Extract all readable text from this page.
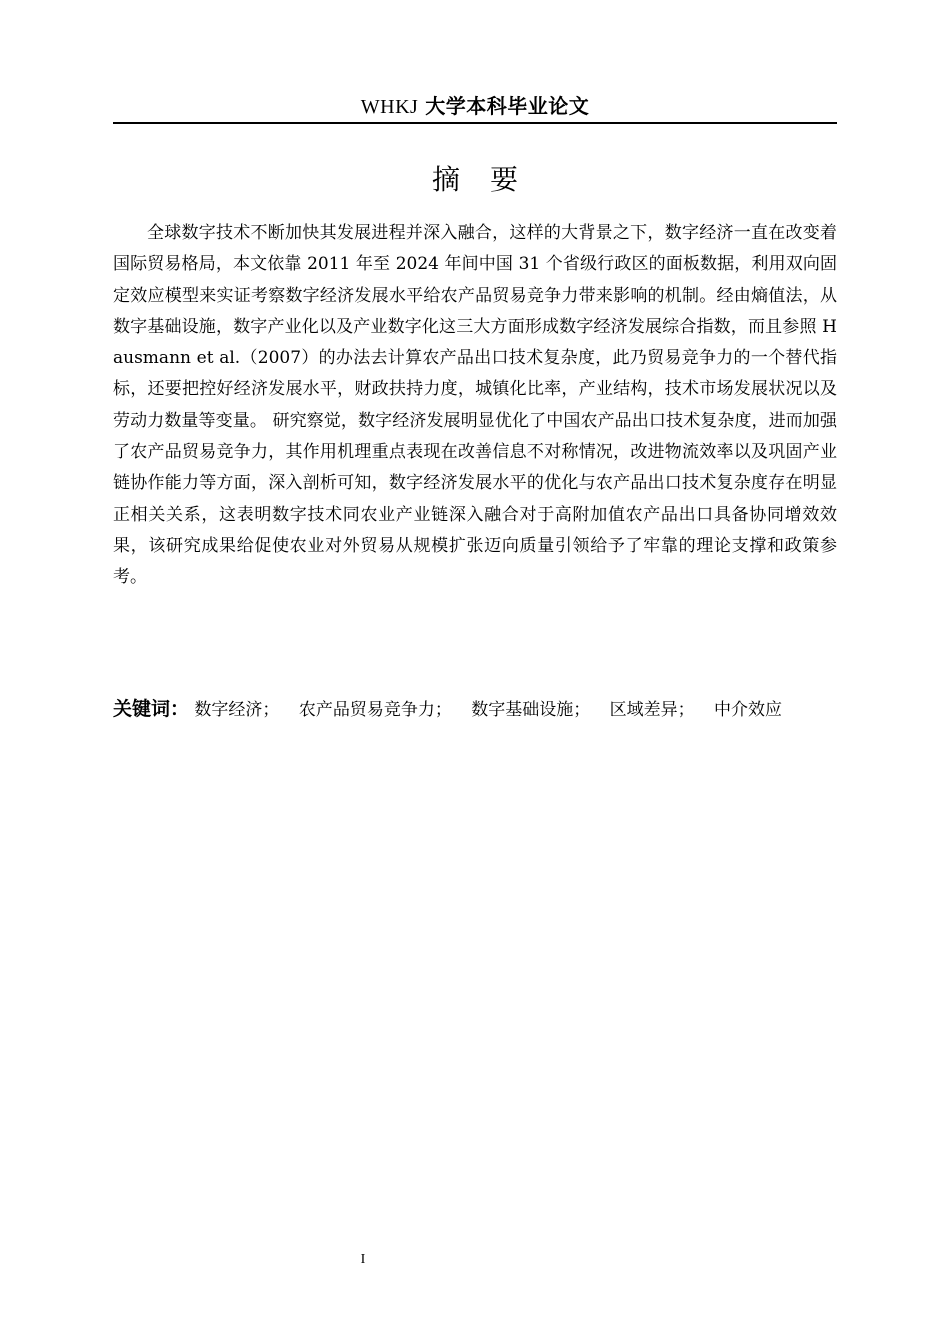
WHKJ 大学本科毕业论文
摘要

全球数字技术不断加快其发展进程并深入融合，这样的大背景之下，数字经济一直在改变着国际贸易格局，本文依靠 2011 年至 2024 年间中国 31 个省级行政区的面板数据，利用双向固定效应模型来实证考察数字经济发展水平给农产品贸易竞争力带来影响的机制。经由熵值法，从数字基础设施，数字产业化以及产业数字化这三大方面形成数字经济发展综合指数，而且参照 Hausmann et al.（2007）的办法去计算农产品出口技术复杂度，此乃贸易竞争力的一个替代指标，还要把控好经济发展水平，财政扶持力度，城镇化比率，产业结构，技术市场发展状况以及劳动力数量等变量。 研究察觉，数字经济发展明显优化了中国农产品出口技术复杂度，进而加强了农产品贸易竞争力，其作用机理重点表现在改善信息不对称情况，改进物流效率以及巩固产业链协作能力等方面，深入剖析可知，数字经济发展水平的优化与农产品出口技术复杂度存在明显正相关关系，这表明数字技术同农业产业链深入融合对于高附加值农产品出口具备协同增效效果，该研究成果给促使农业对外贸易从规模扩张迈向质量引领给予了牢靠的理论支撑和政策参考。

关键词： 数字经济； 农产品贸易竞争力； 数字基础设施； 区域差异； 中介效应
I
